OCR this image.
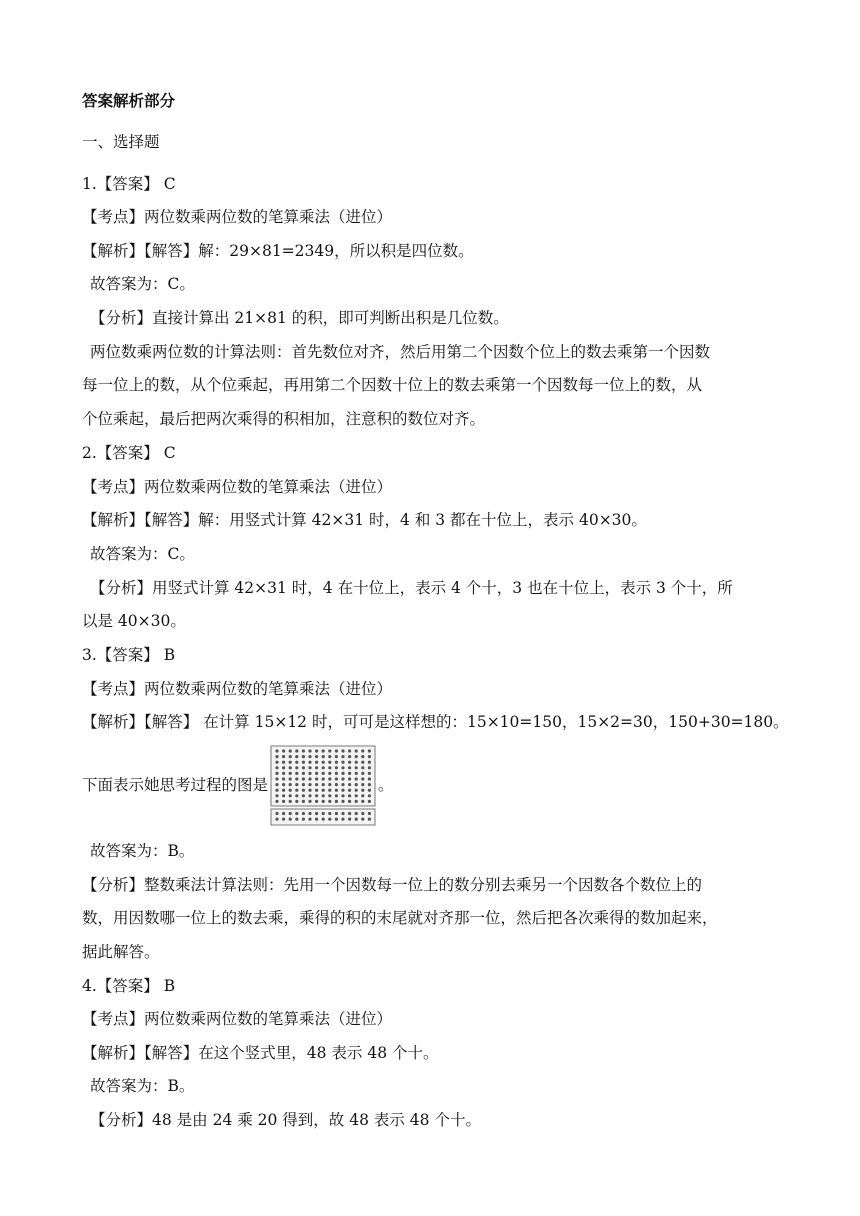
答案解析部分
一、选择题
1.【答案】 C
【考点】两位数乘两位数的笔算乘法（进位）
【解析】【解答】解：29×81=2349，所以积是四位数。
故答案为：C。
【分析】直接计算出 21×81 的积，即可判断出积是几位数。
两位数乘两位数的计算法则：首先数位对齐，然后用第二个因数个位上的数去乘第一个因数
每一位上的数，从个位乘起，再用第二个因数十位上的数去乘第一个因数每一位上的数，从
个位乘起，最后把两次乘得的积相加，注意积的数位对齐。
2.【答案】 C
【考点】两位数乘两位数的笔算乘法（进位）
【解析】【解答】解：用竖式计算 42×31 时，4 和 3 都在十位上，表示 40×30。
故答案为：C。
【分析】用竖式计算 42×31 时，4 在十位上，表示 4 个十，3 也在十位上，表示 3 个十，所
以是 40×30。
3.【答案】 B
【考点】两位数乘两位数的笔算乘法（进位）
【解析】【解答】 在计算 15×12 时，可可是这样想的：15×10=150，15×2=30，150+30=180。
下面表示她思考过程的图是	。
故答案为：B。
【分析】整数乘法计算法则：先用一个因数每一位上的数分别去乘另一个因数各个数位上的
数，用因数哪一位上的数去乘，乘得的积的末尾就对齐那一位，然后把各次乘得的数加起来，
据此解答。
4.【答案】 B
【考点】两位数乘两位数的笔算乘法（进位）
【解析】【解答】在这个竖式里，48 表示 48 个十。
故答案为：B。
【分析】48 是由 24 乘 20 得到，故 48 表示 48 个十。
